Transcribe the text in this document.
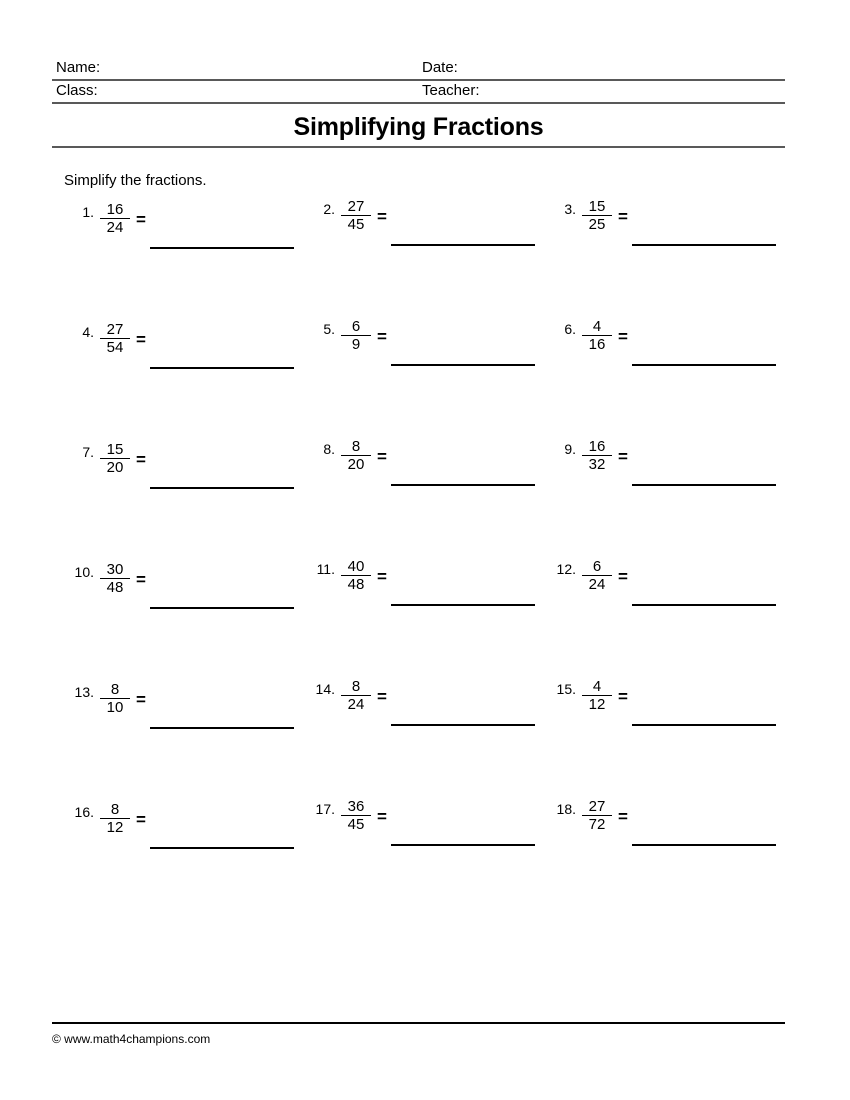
Name:	Date:
Class:	Teacher:
Simplifying Fractions
Simplify the fractions.
1. $\frac{16}{24}$ =
2. $\frac{27}{45}$ =	3. $\frac{15}{25}$ =
4. $\frac{27}{54}$ =
5. $\frac{6}{9}$ =	6. $\frac{4}{16}$ =
7. $\frac{15}{20}$ =
8. $\frac{8}{20}$ =	9. $\frac{16}{32}$ =
10. $\frac{30}{48}$ =
11. $\frac{40}{48}$ =	12. $\frac{6}{24}$ =
13. $\frac{8}{10}$ =
14. $\frac{8}{24}$ =	15. $\frac{4}{12}$ =
16. $\frac{8}{12}$ =
17. $\frac{36}{45}$ =	18. $\frac{27}{72}$ =
© www.math4champions.com
